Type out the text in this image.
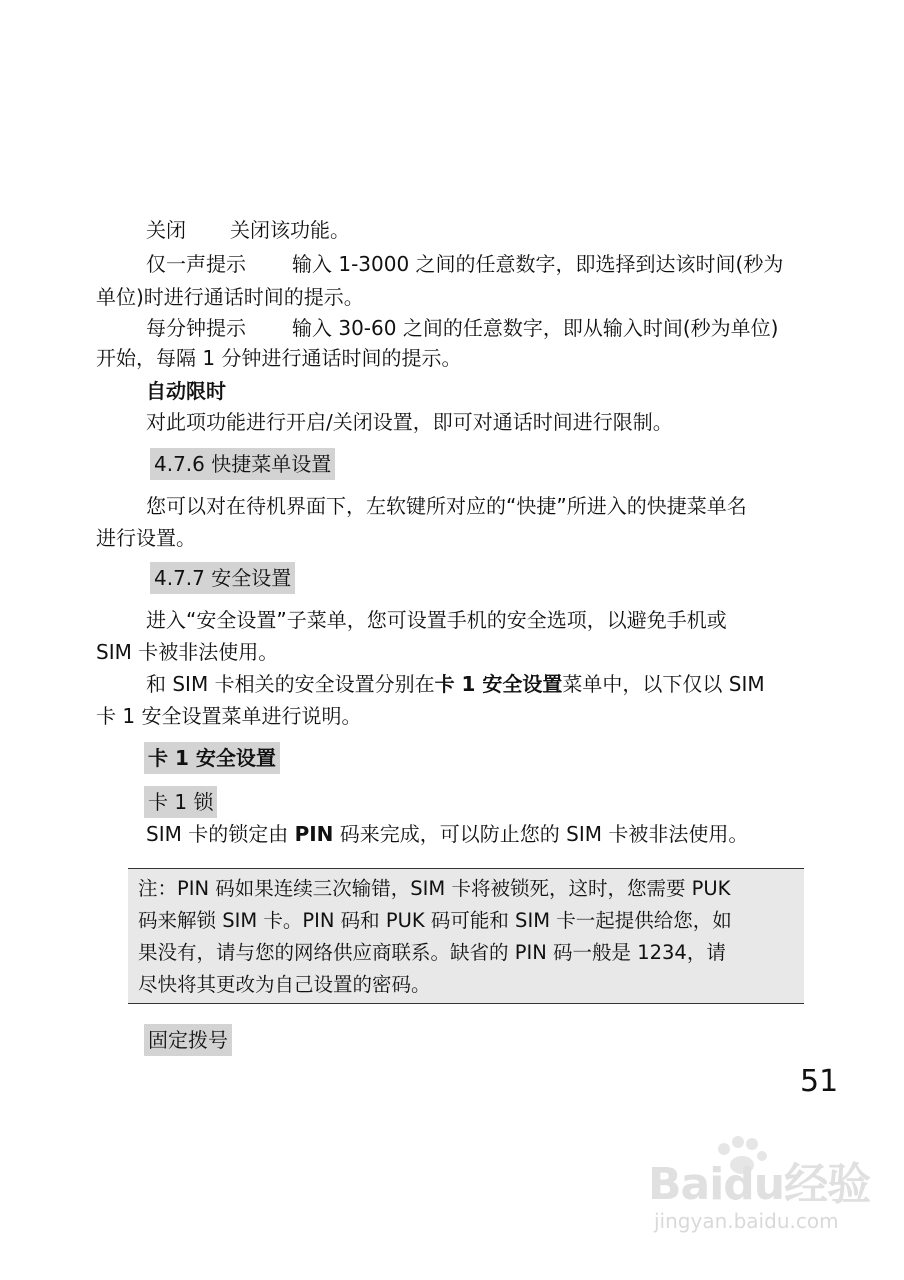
关闭 关闭该功能。
仅一声提示 输入 1-3000 之间的任意数字，即选择到达该时间(秒为
单位)时进行通话时间的提示。
每分钟提示 输入 30-60 之间的任意数字，即从输入时间(秒为单位)
开始，每隔 1 分钟进行通话时间的提示。
自动限时
对此项功能进行开启/关闭设置，即可对通话时间进行限制。
4.7.6 快捷菜单设置
您可以对在待机界面下，左软键所对应的“快捷”所进入的快捷菜单名
进行设置。
4.7.7 安全设置
进入“安全设置”子菜单，您可设置手机的安全选项，以避免手机或
SIM 卡被非法使用。
和 SIM 卡相关的安全设置分别在卡 1 安全设置菜单中，以下仅以 SIM
卡 1 安全设置菜单进行说明。
卡 1 安全设置
卡 1 锁
SIM 卡的锁定由 PIN 码来完成，可以防止您的 SIM 卡被非法使用。
注：PIN 码如果连续三次输错，SIM 卡将被锁死，这时，您需要 PUK
码来解锁 SIM 卡。PIN 码和 PUK 码可能和 SIM 卡一起提供给您，如
果没有，请与您的网络供应商联系。缺省的 PIN 码一般是 1234，请
尽快将其更改为自己设置的密码。
固定拨号
51
Baidu经验
jingyan.baidu.com
